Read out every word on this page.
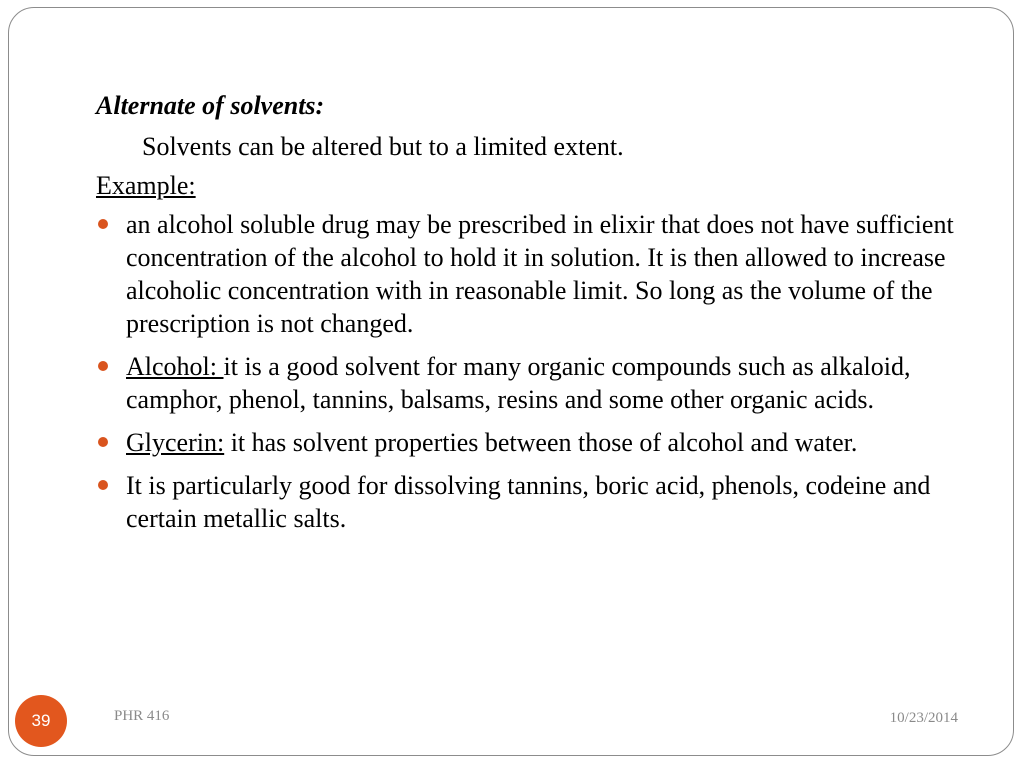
Alternate of solvents:

Solvents can be altered but to a limited extent.

Example:

an alcohol soluble drug may be prescribed in elixir that does not have sufficient concentration of the alcohol to hold it in solution. It is then allowed to increase alcoholic concentration with in reasonable limit. So long as the volume of the prescription is not changed.
Alcohol: it is a good solvent for many organic compounds such as alkaloid, camphor, phenol, tannins, balsams, resins and some other organic acids.
Glycerin: it has solvent properties between those of alcohol and water.
It is particularly good for dissolving tannins, boric acid, phenols, codeine and certain metallic salts.
39	PHR 416	10/23/2014
